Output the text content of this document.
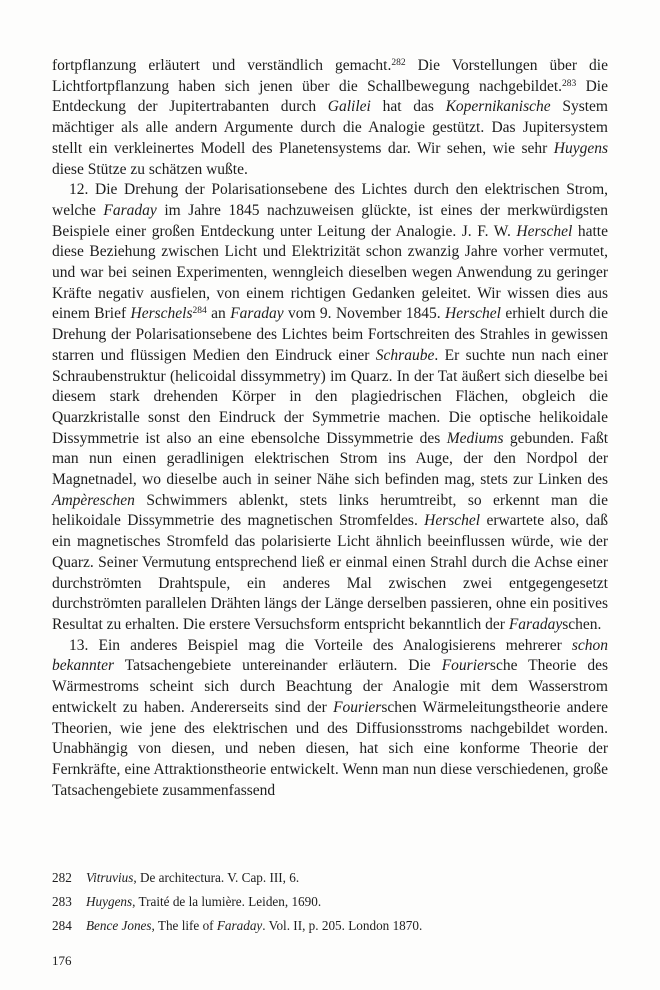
fortpflanzung erläutert und verständlich gemacht.$^{282}$ Die Vorstellungen über die Lichtfortpflanzung haben sich jenen über die Schallbewegung nachgebildet.$^{283}$ Die Entdeckung der Jupitertrabanten durch Galilei hat das Kopernikanische System mächtiger als alle andern Argumente durch die Analogie gestützt. Das Jupitersystem stellt ein verkleinertes Modell des Planetensystems dar. Wir sehen, wie sehr Huygens diese Stütze zu schätzen wußte.

12. Die Drehung der Polarisationsebene des Lichtes durch den elektrischen Strom, welche Faraday im Jahre 1845 nachzuweisen glückte, ist eines der merkwürdigsten Beispiele einer großen Entdeckung unter Leitung der Analogie. J. F. W. Herschel hatte diese Beziehung zwischen Licht und Elektrizität schon zwanzig Jahre vorher vermutet, und war bei seinen Experimenten, wenngleich dieselben wegen Anwendung zu geringer Kräfte negativ ausfielen, von einem richtigen Gedanken geleitet. Wir wissen dies aus einem Brief Herschels$^{284}$ an Faraday vom 9. November 1845. Herschel erhielt durch die Drehung der Polarisationsebene des Lichtes beim Fortschreiten des Strahles in gewissen starren und flüssigen Medien den Eindruck einer Schraube. Er suchte nun nach einer Schraubenstruktur (helicoidal dissymmetry) im Quarz. In der Tat äußert sich dieselbe bei diesem stark drehenden Körper in den plagiedrischen Flächen, obgleich die Quarzkristalle sonst den Eindruck der Symmetrie machen. Die optische helikoidale Dissymmetrie ist also an eine ebensolche Dissymmetrie des Mediums gebunden. Faßt man nun einen geradlinigen elektrischen Strom ins Auge, der den Nordpol der Magnetnadel, wo dieselbe auch in seiner Nähe sich befinden mag, stets zur Linken des Ampèreschen Schwimmers ablenkt, stets links herumtreibt, so erkennt man die helikoidale Dissymmetrie des magnetischen Stromfeldes. Herschel erwartete also, daß ein magnetisches Stromfeld das polarisierte Licht ähnlich beeinflussen würde, wie der Quarz. Seiner Vermutung entsprechend ließ er einmal einen Strahl durch die Achse einer durchströmten Drahtspule, ein anderes Mal zwischen zwei entgegengesetzt durchströmten parallelen Drähten längs der Länge derselben passieren, ohne ein positives Resultat zu erhalten. Die erstere Versuchsform entspricht bekanntlich der Faradayschen.

13. Ein anderes Beispiel mag die Vorteile des Analogisierens mehrerer schon bekannter Tatsachengebiete untereinander erläutern. Die Fouriersche Theorie des Wärmestroms scheint sich durch Beachtung der Analogie mit dem Wasserstrom entwickelt zu haben. Andererseits sind der Fourierschen Wärmeleitungstheorie andere Theorien, wie jene des elektrischen und des Diffusionsstroms nachgebildet worden. Unabhängig von diesen, und neben diesen, hat sich eine konforme Theorie der Fernkräfte, eine Attraktionstheorie entwickelt. Wenn man nun diese verschiedenen, große Tatsachengebiete zusammenfassend

282	Vitruvius, De architectura. V. Cap. III, 6.
283	Huygens, Traité de la lumière. Leiden, 1690.
284	Bence Jones, The life of Faraday. Vol. II, p. 205. London 1870.
176
